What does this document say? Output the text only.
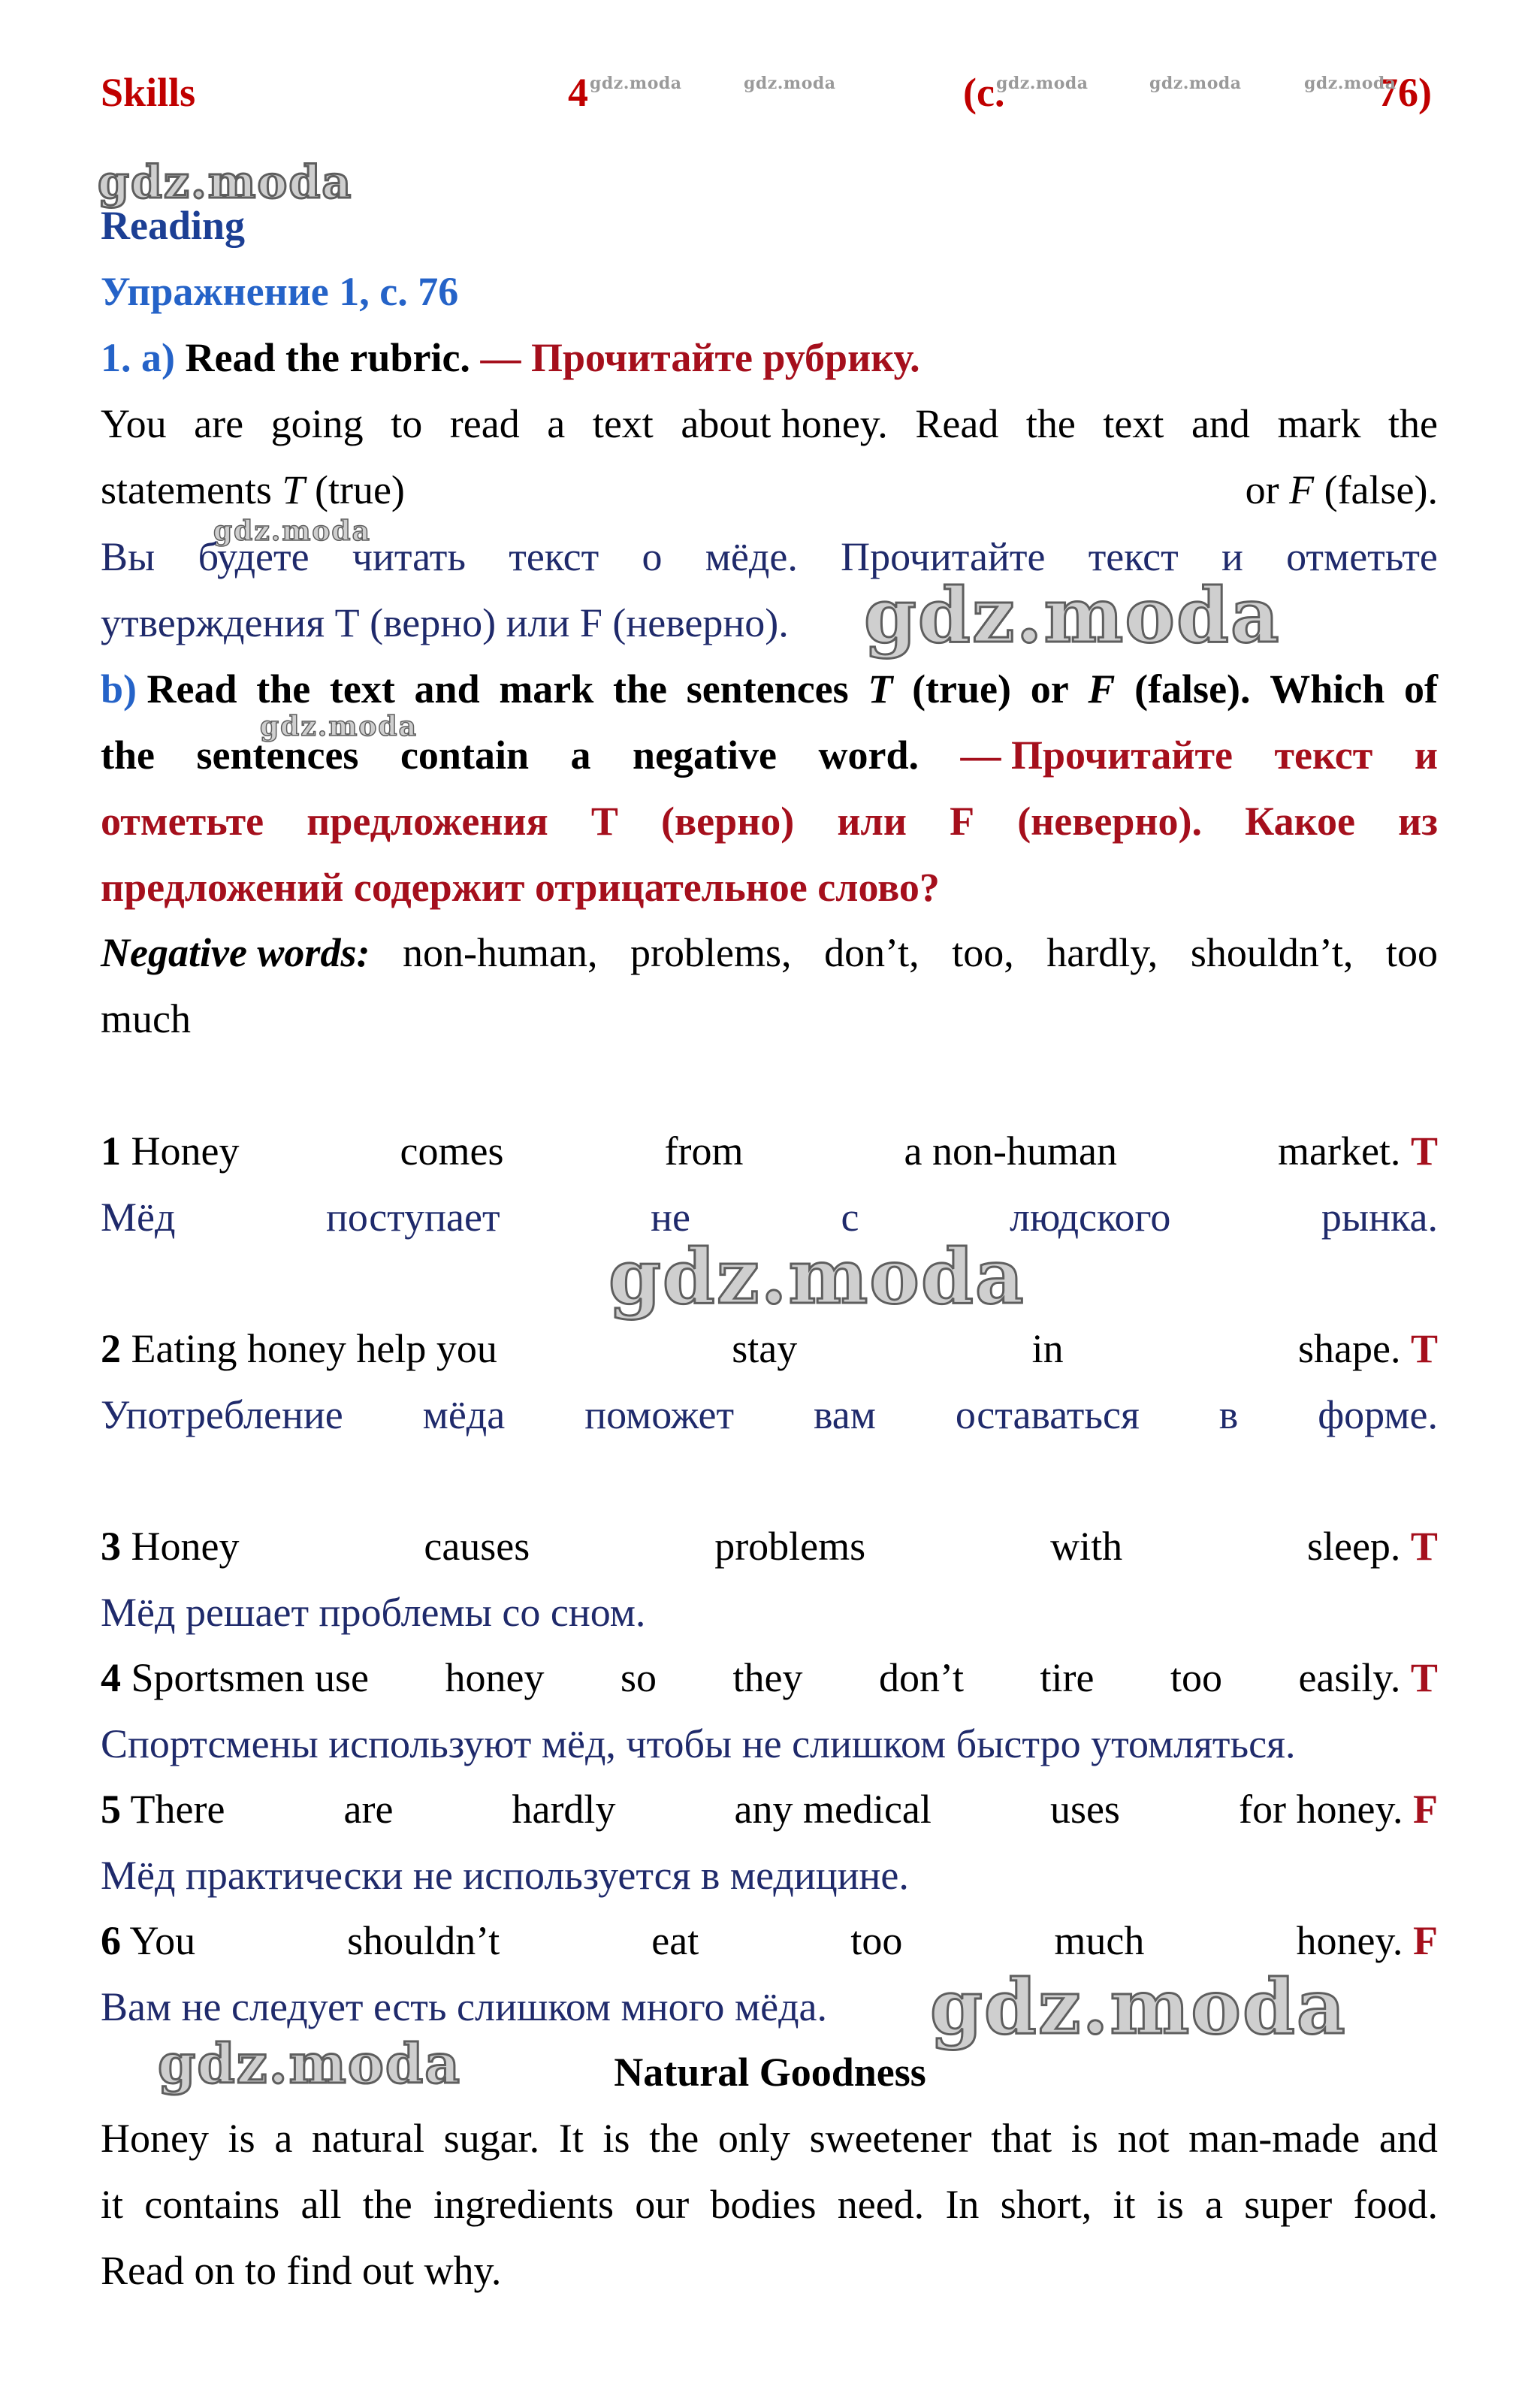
Skills	4	(c.	76)
gdz.moda	gdz.moda	gdz.moda	gdz.moda	gdz.moda
gdz.moda
Reading
Упражнение 1, с. 76
1. a) Read the rubric. — Прочитайте рубрику.
You are going to read a text about honey. Read the text and mark the
statements T (true)	or F (false).
gdz.moda
Вы будете читать текст о мёде. Прочитайте текст и отметьте
утверждения Т (верно) или F (неверно).	gdz.moda
b) Read the text and mark the sentences T (true) or F (false). Which of
gdz.moda
the sentences contain a negative word. — Прочитайте текст и
отметьте предложения Т (верно) или F (неверно). Какое из
предложений содержит отрицательное слово?
Negative words: non-human, problems, don’t, too, hardly, shouldn’t, too
much
1 Honey	comes	from	a non-human	market. T
Мёд	поступает	не	с	людского	рынка.
gdz.moda
2 Eating honey help you	stay	in	shape. T
Употребление мёда поможет вам оставаться в форме.
3 Honey	causes	problems	with	sleep. T
Мёд решает проблемы со сном.
4 Sportsmen use honey so they don’t tire too easily. T
Спортсмены используют мёд, чтобы не слишком быстро утомляться.
5 There	are	hardly	any medical	uses	for honey. F
Мёд практически не используется в медицине.
6 You	shouldn’t	eat	too	much	honey. F
Вам не следует есть слишком много мёда.	gdz.moda
gdz.moda	Natural Goodness
Honey is a natural sugar. It is the only sweetener that is not man-made and
it contains all the ingredients our bodies need. In short, it is a super food.
Read on to find out why.
